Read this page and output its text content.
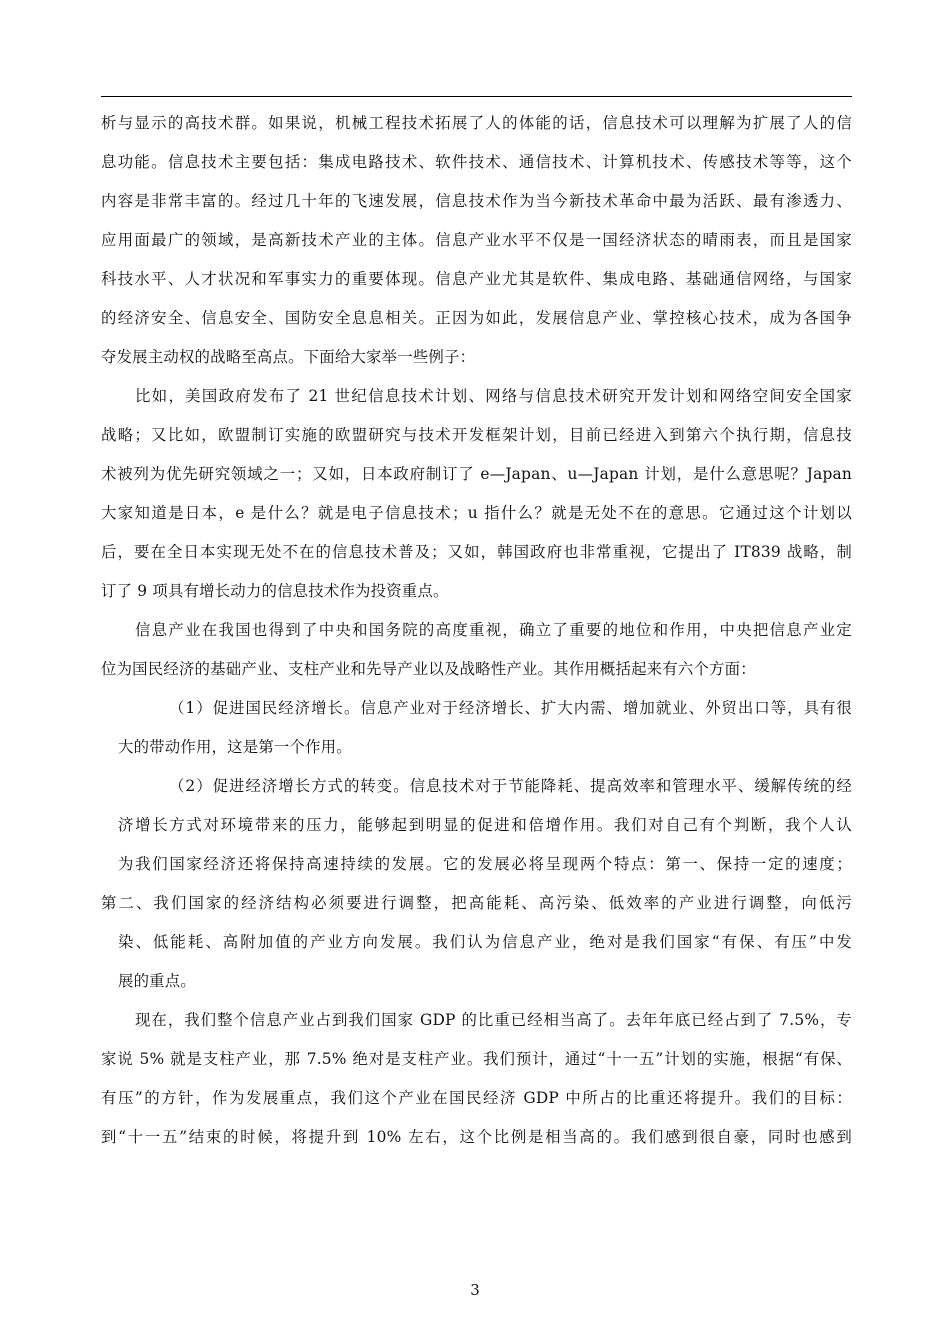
析与显示的高技术群。如果说，机械工程技术拓展了人的体能的话，信息技术可以理解为扩展了人的信
息功能。信息技术主要包括：集成电路技术、软件技术、通信技术、计算机技术、传感技术等等，这个
内容是非常丰富的。经过几十年的飞速发展，信息技术作为当今新技术革命中最为活跃、最有渗透力、
应用面最广的领域，是高新技术产业的主体。信息产业水平不仅是一国经济状态的晴雨表，而且是国家
科技水平、人才状况和军事实力的重要体现。信息产业尤其是软件、集成电路、基础通信网络，与国家
的经济安全、信息安全、国防安全息息相关。正因为如此，发展信息产业、掌控核心技术，成为各国争
夺发展主动权的战略至高点。下面给大家举一些例子：
比如，美国政府发布了 21 世纪信息技术计划、网络与信息技术研究开发计划和网络空间安全国家
战略；又比如，欧盟制订实施的欧盟研究与技术开发框架计划，目前已经进入到第六个执行期，信息技
术被列为优先研究领域之一；又如，日本政府制订了 e—Japan、u—Japan 计划，是什么意思呢？Japan
大家知道是日本，e 是什么？就是电子信息技术；u 指什么？就是无处不在的意思。它通过这个计划以
后，要在全日本实现无处不在的信息技术普及；又如，韩国政府也非常重视，它提出了 IT839 战略，制
订了 9 项具有增长动力的信息技术作为投资重点。
信息产业在我国也得到了中央和国务院的高度重视，确立了重要的地位和作用，中央把信息产业定
位为国民经济的基础产业、支柱产业和先导产业以及战略性产业。其作用概括起来有六个方面：
（1）促进国民经济增长。信息产业对于经济增长、扩大内需、增加就业、外贸出口等，具有很
大的带动作用，这是第一个作用。
（2）促进经济增长方式的转变。信息技术对于节能降耗、提高效率和管理水平、缓解传统的经
济增长方式对环境带来的压力，能够起到明显的促进和倍增作用。我们对自己有个判断，我个人认
为我们国家经济还将保持高速持续的发展。它的发展必将呈现两个特点：第一、保持一定的速度；
第二、我们国家的经济结构必须要进行调整，把高能耗、高污染、低效率的产业进行调整，向低污
染、低能耗、高附加值的产业方向发展。我们认为信息产业，绝对是我们国家“有保、有压”中发
展的重点。
现在，我们整个信息产业占到我们国家 GDP 的比重已经相当高了。去年年底已经占到了 7.5%，专
家说 5% 就是支柱产业，那 7.5% 绝对是支柱产业。我们预计，通过“十一五”计划的实施，根据“有保、
有压”的方针，作为发展重点，我们这个产业在国民经济 GDP 中所占的比重还将提升。我们的目标：
到“十一五”结束的时候，将提升到 10% 左右，这个比例是相当高的。我们感到很自豪，同时也感到
3
